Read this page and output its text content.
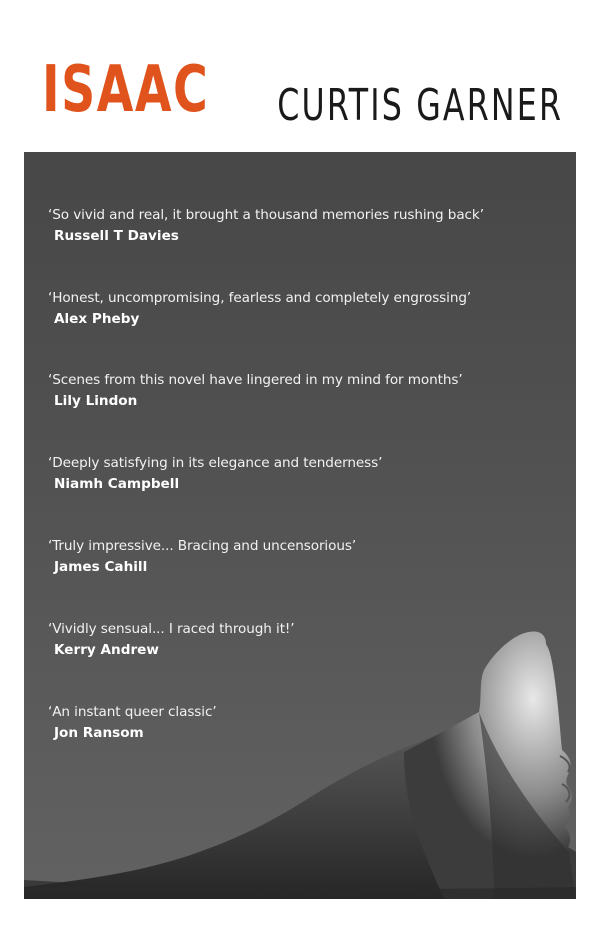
ISAAC CURTIS GARNER
‘So vivid and real, it brought a thousand memories rushing back’
Russell T Davies
‘Honest, uncompromising, fearless and completely engrossing’
Alex Pheby
‘Scenes from this novel have lingered in my mind for months’
Lily Lindon
‘Deeply satisfying in its elegance and tenderness’
Niamh Campbell
‘Truly impressive... Bracing and uncensorious’
James Cahill
‘Vividly sensual... I raced through it!’
Kerry Andrew
‘An instant queer classic’
Jon Ransom
